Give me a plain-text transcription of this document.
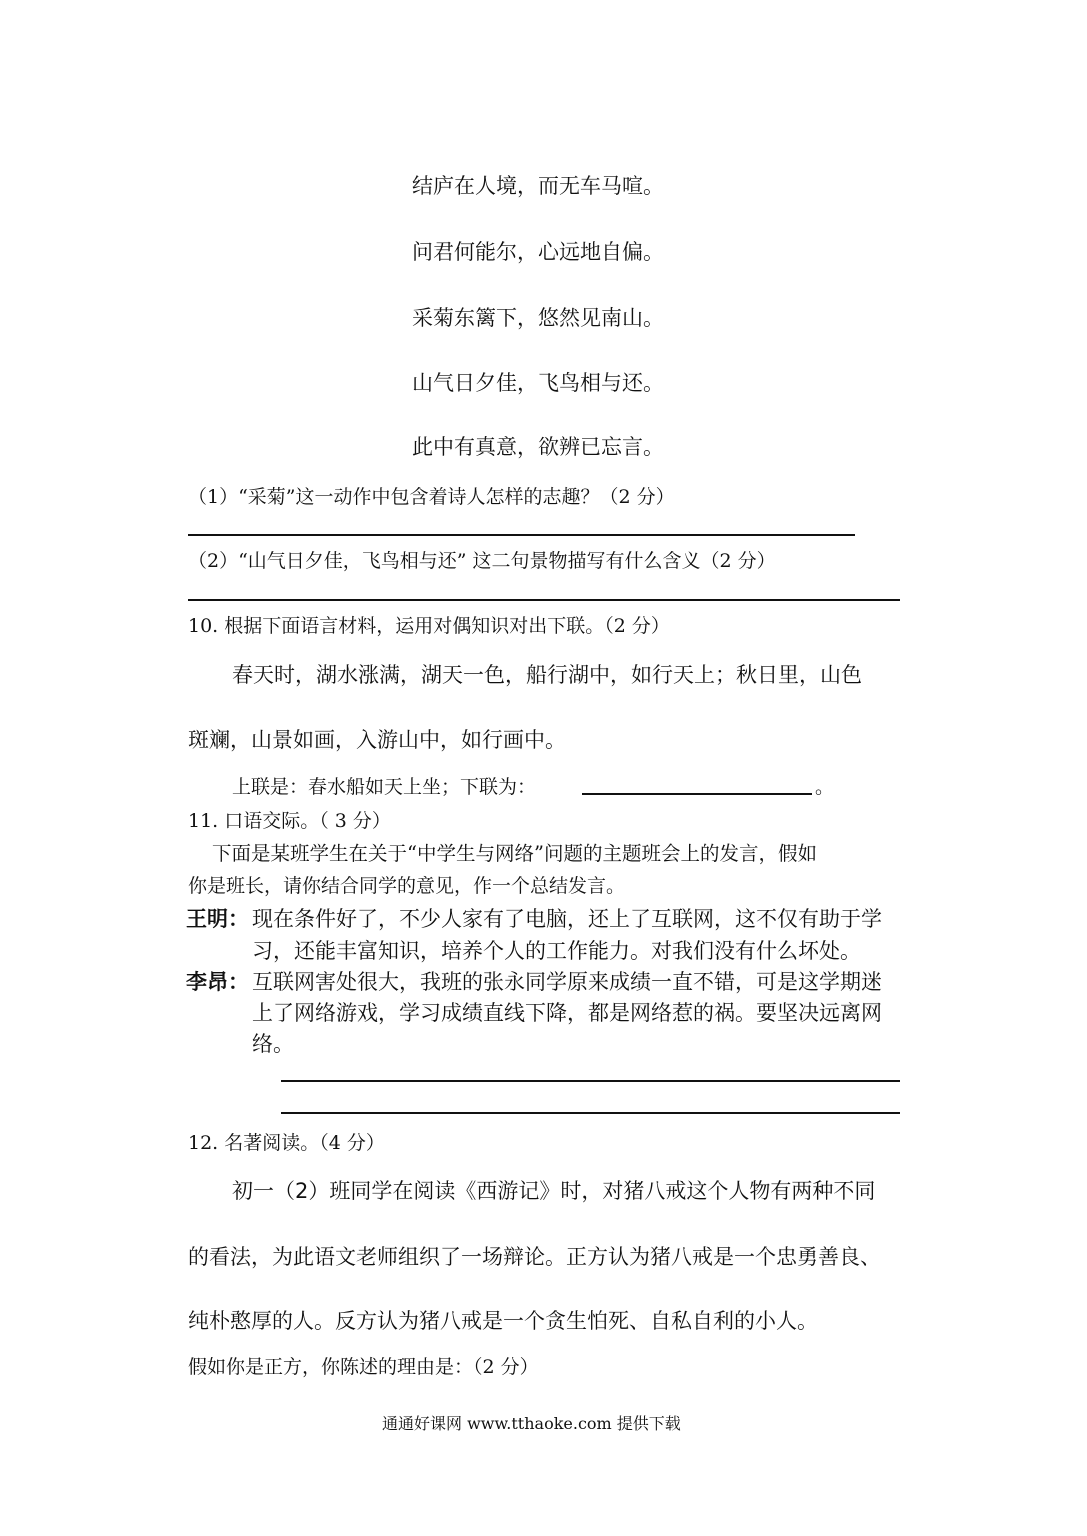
结庐在人境，而无车马喧。
问君何能尔，心远地自偏。
采菊东篱下，悠然见南山。
山气日夕佳，飞鸟相与还。
此中有真意，欲辨已忘言。
（1）“采菊”这一动作中包含着诗人怎样的志趣？（2 分）
（2）“山气日夕佳，飞鸟相与还” 这二句景物描写有什么含义（2 分）
10. 根据下面语言材料，运用对偶知识对出下联。（2 分）
春天时，湖水涨满，湖天一色，船行湖中，如行天上；秋日里，山色
斑斓，山景如画，入游山中，如行画中。
上联是：春水船如天上坐；下联为：	。
11. 口语交际。（ 3 分）
下面是某班学生在关于“中学生与网络”问题的主题班会上的发言，假如
你是班长，请你结合同学的意见，作一个总结发言。
王明： 现在条件好了，不少人家有了电脑，还上了互联网，这不仅有助于学
习，还能丰富知识，培养个人的工作能力。对我们没有什么坏处。
李昂： 互联网害处很大，我班的张永同学原来成绩一直不错，可是这学期迷
上了网络游戏，学习成绩直线下降，都是网络惹的祸。要坚决远离网
络。
12. 名著阅读。（4 分）
初一（2）班同学在阅读《西游记》时，对猪八戒这个人物有两种不同
的看法，为此语文老师组织了一场辩论。正方认为猪八戒是一个忠勇善良、
纯朴憨厚的人。反方认为猪八戒是一个贪生怕死、自私自利的小人。
假如你是正方，你陈述的理由是：（2 分）
通通好课网 www.tthaoke.com 提供下载
